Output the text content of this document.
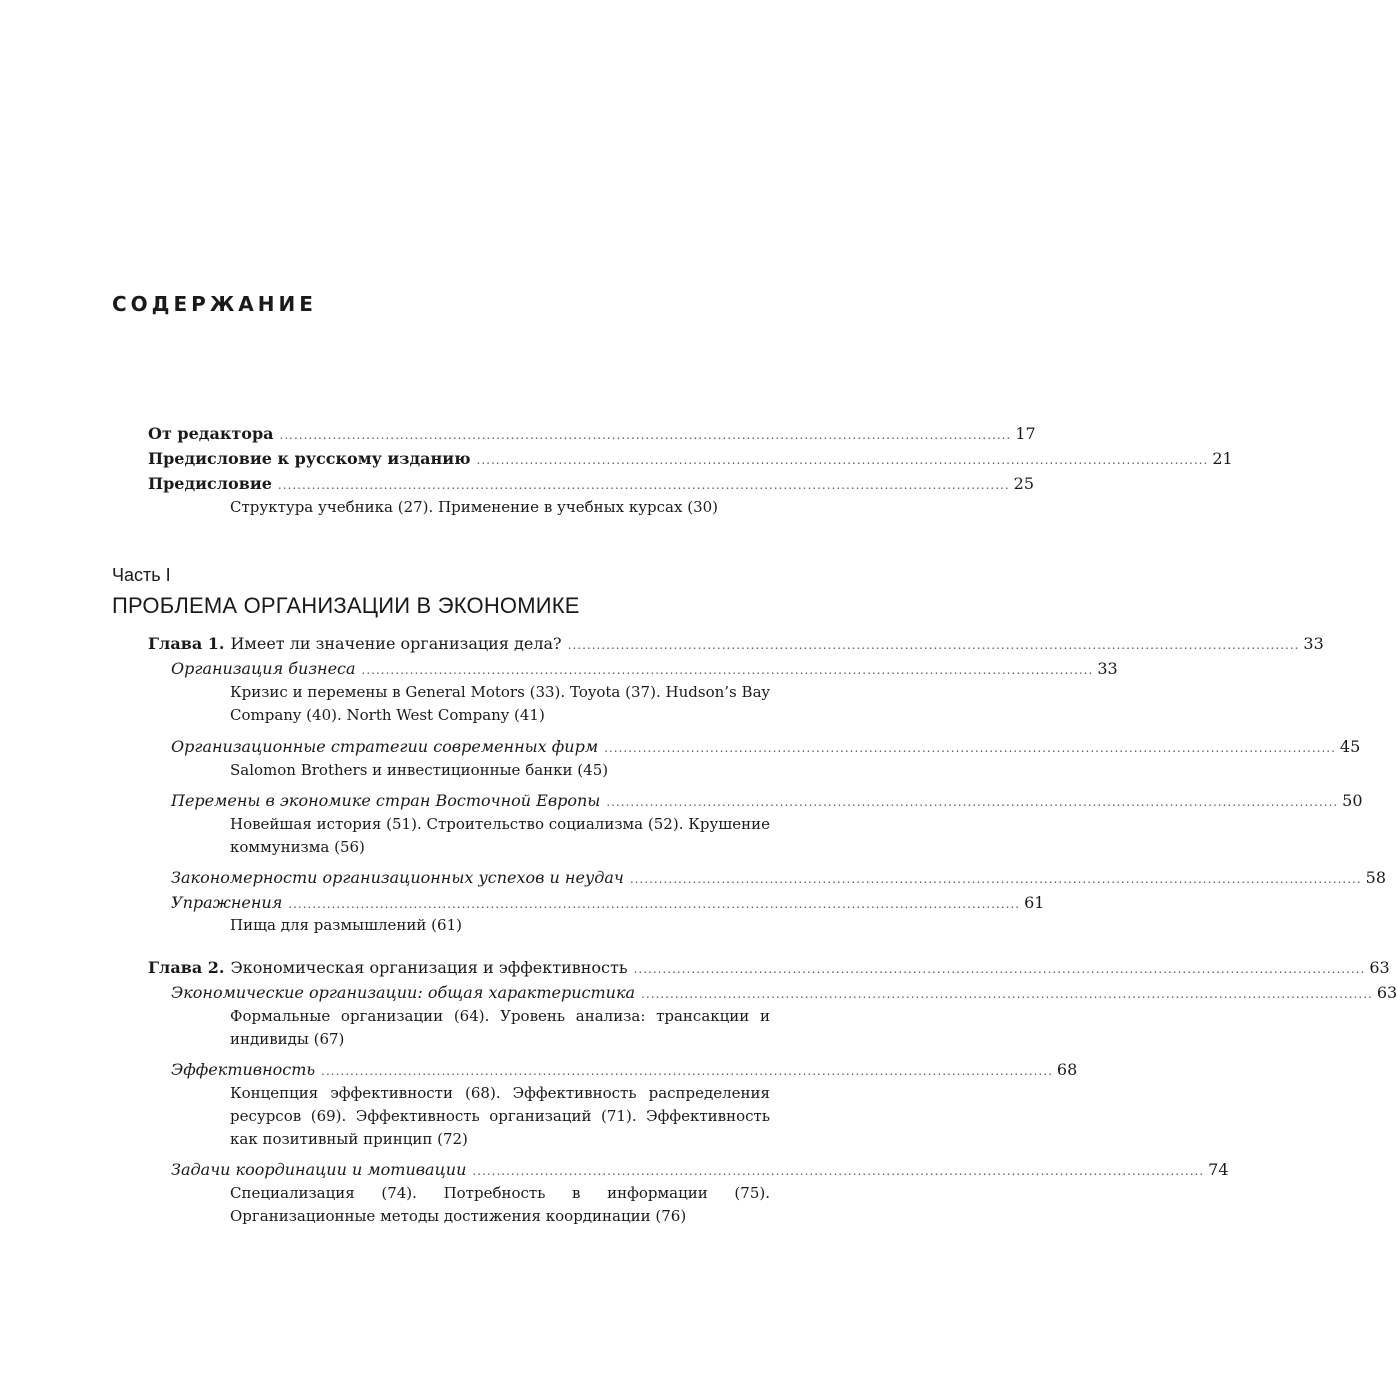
СОДЕРЖАНИЕ
От редактора ........................................................................................................................................................ 17
Предисловие к русскому изданию ........................................................................................................................................................ 21
Предисловие ........................................................................................................................................................ 25
Структура учебника (27). Применение в учебных курсах (30)
Часть I
ПРОБЛЕМА ОРГАНИЗАЦИИ В ЭКОНОМИКЕ
Глава 1. Имеет ли значение организация дела? ........................................................................................................................................................ 33
Организация бизнеса ........................................................................................................................................................ 33
Кризис и перемены в General Motors (33). Toyota (37). Hudson’s Bay Company (40). North West Company (41)
Организационные стратегии современных фирм ........................................................................................................................................................ 45
Salomon Brothers и инвестиционные банки (45)
Перемены в экономике стран Восточной Европы ........................................................................................................................................................ 50
Новейшая история (51). Строительство социализма (52). Крушение коммунизма (56)
Закономерности организационных успехов и неудач ........................................................................................................................................................ 58
Упражнения ........................................................................................................................................................ 61
Пища для размышлений (61)
Глава 2. Экономическая организация и эффективность ........................................................................................................................................................ 63
Экономические организации: общая характеристика ........................................................................................................................................................ 63
Формальные организации (64). Уровень анализа: трансакции и индивиды (67)
Эффективность ........................................................................................................................................................ 68
Концепция эффективности (68). Эффективность распределения ресурсов (69). Эффективность организаций (71). Эффективность как позитивный принцип (72)
Задачи координации и мотивации ........................................................................................................................................................ 74
Специализация (74). Потребность в информации (75). Организационные методы достижения координации (76)
